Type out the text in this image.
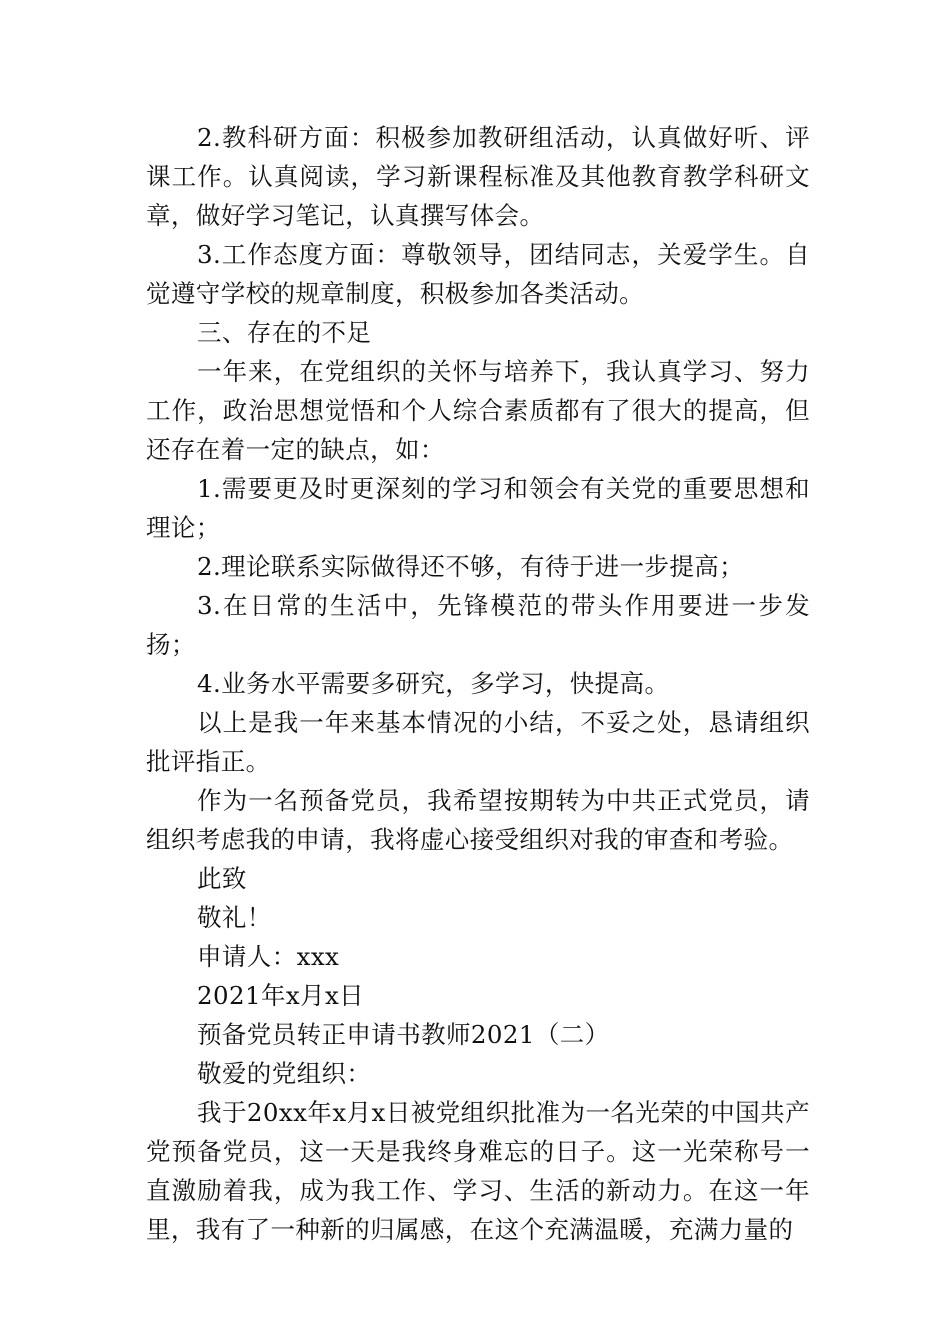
2.教科研方面：积极参加教研组活动，认真做好听、评课工作。认真阅读，学习新课程标准及其他教育教学科研文章，做好学习笔记，认真撰写体会。

3.工作态度方面：尊敬领导，团结同志，关爱学生。自觉遵守学校的规章制度，积极参加各类活动。

三、存在的不足

一年来，在党组织的关怀与培养下，我认真学习、努力工作，政治思想觉悟和个人综合素质都有了很大的提高，但还存在着一定的缺点，如：

1.需要更及时更深刻的学习和领会有关党的重要思想和理论；

2.理论联系实际做得还不够，有待于进一步提高；

3.在日常的生活中，先锋模范的带头作用要进一步发扬；

4.业务水平需要多研究，多学习，快提高。

以上是我一年来基本情况的小结，不妥之处，恳请组织批评指正。

作为一名预备党员，我希望按期转为中共正式党员，请组织考虑我的申请，我将虚心接受组织对我的审查和考验。

此致

敬礼！

申请人：xxx

2021年x月x日

预备党员转正申请书教师2021（二）

敬爱的党组织：

我于20xx年x月x日被党组织批准为一名光荣的中国共产党预备党员，这一天是我终身难忘的日子。这一光荣称号一直激励着我，成为我工作、学习、生活的新动力。在这一年里，我有了一种新的归属感，在这个充满温暖，充满力量的
